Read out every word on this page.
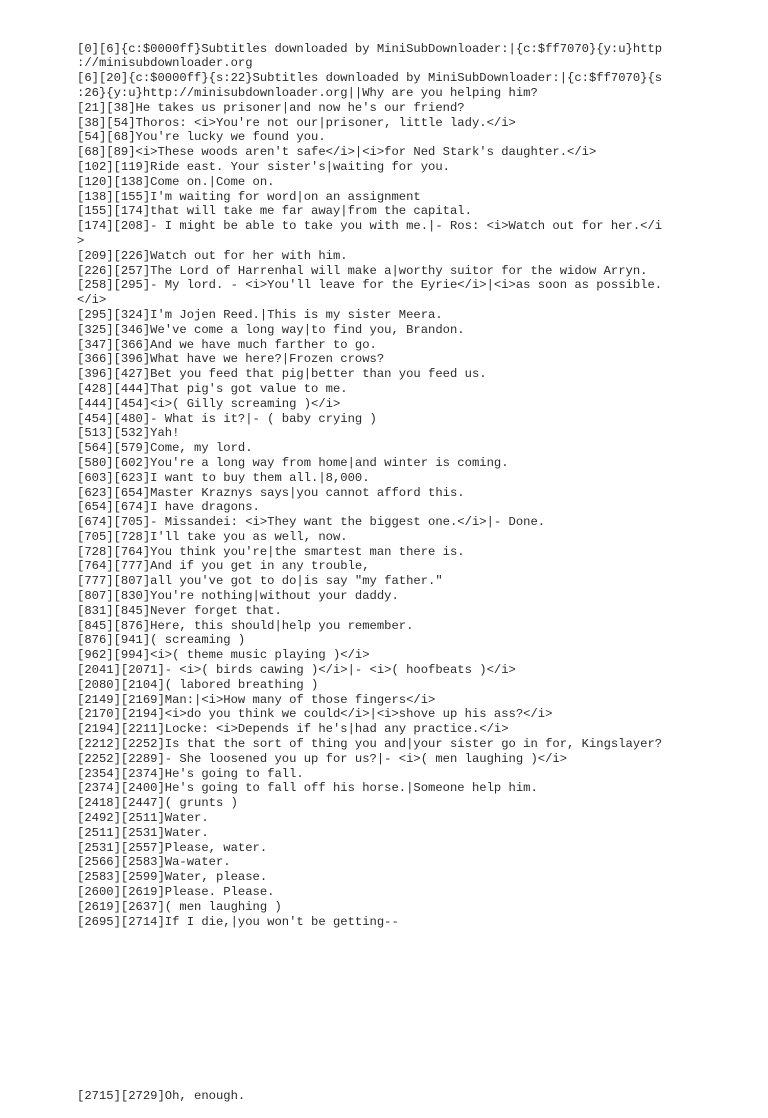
[0][6]{c:$0000ff}Subtitles downloaded by MiniSubDownloader:|{c:$ff7070}{y:u}http
://minisubdownloader.org
[6][20]{c:$0000ff}{s:22}Subtitles downloaded by MiniSubDownloader:|{c:$ff7070}{s
:26}{y:u}http://minisubdownloader.org||Why are you helping him?
[21][38]He takes us prisoner|and now he's our friend?
[38][54]Thoros: <i>You're not our|prisoner, little lady.</i>
[54][68]You're lucky we found you.
[68][89]<i>These woods aren't safe</i>|<i>for Ned Stark's daughter.</i>
[102][119]Ride east. Your sister's|waiting for you.
[120][138]Come on.|Come on.
[138][155]I'm waiting for word|on an assignment
[155][174]that will take me far away|from the capital.
[174][208]- I might be able to take you with me.|- Ros: <i>Watch out for her.</i
>
[209][226]Watch out for her with him.
[226][257]The Lord of Harrenhal will make a|worthy suitor for the widow Arryn.
[258][295]- My lord. - <i>You'll leave for the Eyrie</i>|<i>as soon as possible.
</i>
[295][324]I'm Jojen Reed.|This is my sister Meera.
[325][346]We've come a long way|to find you, Brandon.
[347][366]And we have much farther to go.
[366][396]What have we here?|Frozen crows?
[396][427]Bet you feed that pig|better than you feed us.
[428][444]That pig's got value to me.
[444][454]<i>( Gilly screaming )</i>
[454][480]- What is it?|- ( baby crying )
[513][532]Yah!
[564][579]Come, my lord.
[580][602]You're a long way from home|and winter is coming.
[603][623]I want to buy them all.|8,000.
[623][654]Master Kraznys says|you cannot afford this.
[654][674]I have dragons.
[674][705]- Missandei: <i>They want the biggest one.</i>|- Done.
[705][728]I'll take you as well, now.
[728][764]You think you're|the smartest man there is.
[764][777]And if you get in any trouble,
[777][807]all you've got to do|is say "my father."
[807][830]You're nothing|without your daddy.
[831][845]Never forget that.
[845][876]Here, this should|help you remember.
[876][941]( screaming )
[962][994]<i>( theme music playing )</i>
[2041][2071]- <i>( birds cawing )</i>|- <i>( hoofbeats )</i>
[2080][2104]( labored breathing )
[2149][2169]Man:|<i>How many of those fingers</i>
[2170][2194]<i>do you think we could</i>|<i>shove up his ass?</i>
[2194][2211]Locke: <i>Depends if he's|had any practice.</i>
[2212][2252]Is that the sort of thing you and|your sister go in for, Kingslayer?
[2252][2289]- She loosened you up for us?|- <i>( men laughing )</i>
[2354][2374]He's going to fall.
[2374][2400]He's going to fall off his horse.|Someone help him.
[2418][2447]( grunts )
[2492][2511]Water.
[2511][2531]Water.
[2531][2557]Please, water.
[2566][2583]Wa-water.
[2583][2599]Water, please.
[2600][2619]Please. Please.
[2619][2637]( men laughing )
[2695][2714]If I die,|you won't be getting--

[2715][2729]Oh, enough.
